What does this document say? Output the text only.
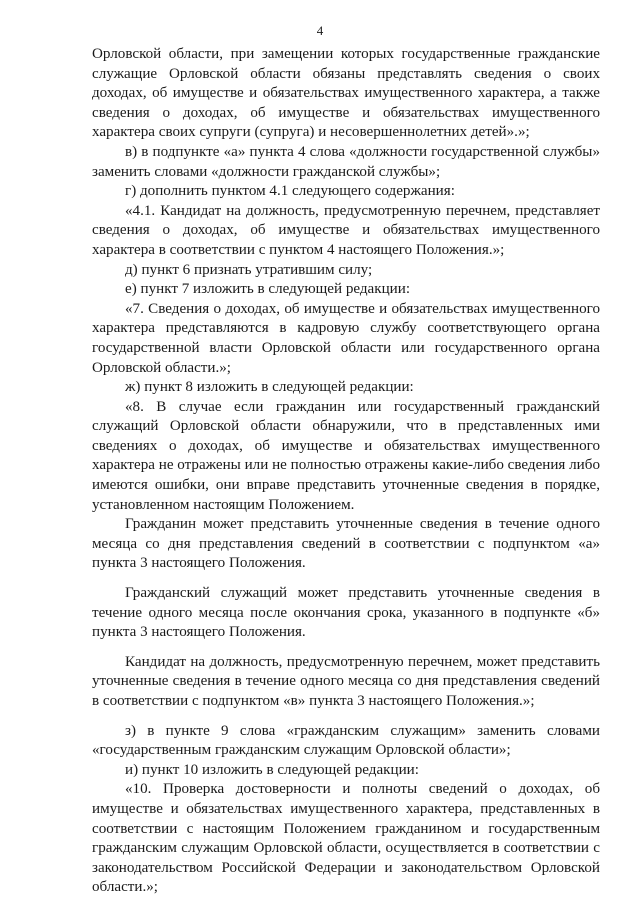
4

Орловской области, при замещении которых государственные гражданские служащие Орловской области обязаны представлять сведения о своих доходах, об имуществе и обязательствах имущественного характера, а также сведения о доходах, об имуществе и обязательствах имущественного характера своих супруги (супруга) и несовершеннолетних детей».»;

в) в подпункте «а» пункта 4 слова «должности государственной службы» заменить словами «должности гражданской службы»;

г) дополнить пунктом 4.1 следующего содержания:

«4.1. Кандидат на должность, предусмотренную перечнем, представляет сведения о доходах, об имуществе и обязательствах имущественного характера в соответствии с пунктом 4 настоящего Положения.»;

д) пункт 6 признать утратившим силу;

е) пункт 7 изложить в следующей редакции:

«7. Сведения о доходах, об имуществе и обязательствах имущественного характера представляются в кадровую службу соответствующего органа государственной власти Орловской области или государственного органа Орловской области.»;

ж) пункт 8 изложить в следующей редакции:

«8. В случае если гражданин или государственный гражданский служащий Орловской области обнаружили, что в представленных ими сведениях о доходах, об имуществе и обязательствах имущественного характера не отражены или не полностью отражены какие-либо сведения либо имеются ошибки, они вправе представить уточненные сведения в порядке, установленном настоящим Положением.

Гражданин может представить уточненные сведения в течение одного месяца со дня представления сведений в соответствии с подпунктом «а» пункта 3 настоящего Положения.

Гражданский служащий может представить уточненные сведения в течение одного месяца после окончания срока, указанного в подпункте «б» пункта 3 настоящего Положения.

Кандидат на должность, предусмотренную перечнем, может представить уточненные сведения в течение одного месяца со дня представления сведений в соответствии с подпунктом «в» пункта 3 настоящего Положения.»;

з) в пункте 9 слова «гражданским служащим» заменить словами «государственным гражданским служащим Орловской области»;

и) пункт 10 изложить в следующей редакции:

«10. Проверка достоверности и полноты сведений о доходах, об имуществе и обязательствах имущественного характера, представленных в соответствии с настоящим Положением гражданином и государственным гражданским служащим Орловской области, осуществляется в соответствии с законодательством Российской Федерации и законодательством Орловской области.»;
